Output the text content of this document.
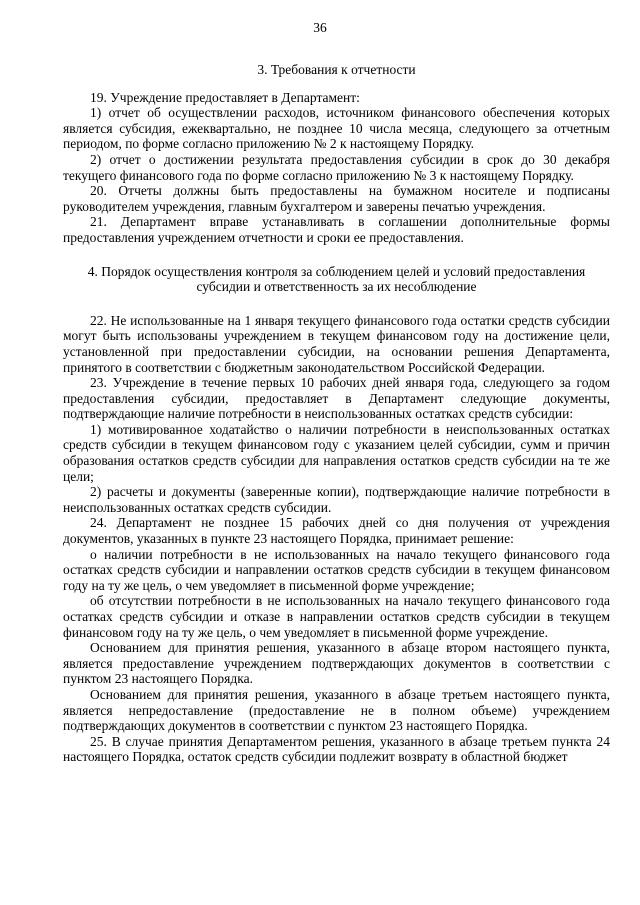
36

3. Требования к отчетности

19. Учреждение предоставляет в Департамент:

1) отчет об осуществлении расходов, источником финансового обеспечения которых является субсидия, ежеквартально, не позднее 10 числа месяца, следующего за отчетным периодом, по форме согласно приложению № 2 к настоящему Порядку.

2) отчет о достижении результата предоставления субсидии в срок до 30 декабря текущего финансового года по форме согласно приложению № 3 к настоящему Порядку.

20. Отчеты должны быть предоставлены на бумажном носителе и подписаны руководителем учреждения, главным бухгалтером и заверены печатью учреждения.

21. Департамент вправе устанавливать в соглашении дополнительные формы предоставления учреждением отчетности и сроки ее предоставления.

4. Порядок осуществления контроля за соблюдением целей и условий предоставления субсидии и ответственность за их несоблюдение

22. Не использованные на 1 января текущего финансового года остатки средств субсидии могут быть использованы учреждением в текущем финансовом году на достижение цели, установленной при предоставлении субсидии, на основании решения Департамента, принятого в соответствии с бюджетным законодательством Российской Федерации.

23. Учреждение в течение первых 10 рабочих дней января года, следующего за годом предоставления субсидии, предоставляет в Департамент следующие документы, подтверждающие наличие потребности в неиспользованных остатках средств субсидии:

1) мотивированное ходатайство о наличии потребности в неиспользованных остатках средств субсидии в текущем финансовом году с указанием целей субсидии, сумм и причин образования остатков средств субсидии для направления остатков средств субсидии на те же цели;

2) расчеты и документы (заверенные копии), подтверждающие наличие потребности в неиспользованных остатках средств субсидии.

24. Департамент не позднее 15 рабочих дней со дня получения от учреждения документов, указанных в пункте 23 настоящего Порядка, принимает решение:

о наличии потребности в не использованных на начало текущего финансового года остатках средств субсидии и направлении остатков средств субсидии в текущем финансовом году на ту же цель, о чем уведомляет в письменной форме учреждение;

об отсутствии потребности в не использованных на начало текущего финансового года остатках средств субсидии и отказе в направлении остатков средств субсидии в текущем финансовом году на ту же цель, о чем уведомляет в письменной форме учреждение.

Основанием для принятия решения, указанного в абзаце втором настоящего пункта, является предоставление учреждением подтверждающих документов в соответствии с пунктом 23 настоящего Порядка.

Основанием для принятия решения, указанного в абзаце третьем настоящего пункта, является непредоставление (предоставление не в полном объеме) учреждением подтверждающих документов в соответствии с пунктом 23 настоящего Порядка.

25. В случае принятия Департаментом решения, указанного в абзаце третьем пункта 24 настоящего Порядка, остаток средств субсидии подлежит возврату в областной бюджет
